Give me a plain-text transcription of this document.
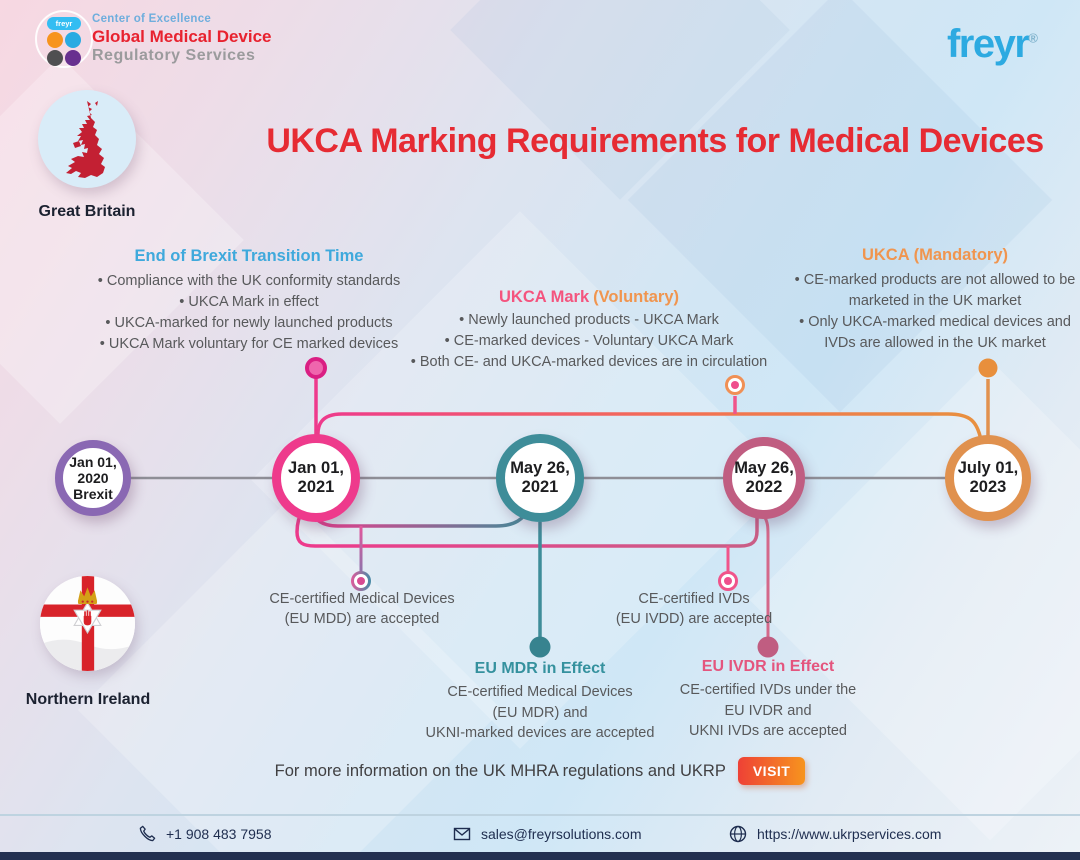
freyr	Center of Excellence
Global Medical Device
Regulatory Services	freyr®
Great Britain
Northern Ireland
UKCA Marking Requirements for Medical Devices
End of Brexit Transition Time
• Compliance with the UK conformity standards
• UKCA Mark in effect
• UKCA-marked for newly launched products
• UKCA Mark voluntary for CE marked devices
UKCA Mark (Voluntary)
• Newly launched products - UKCA Mark
• CE-marked devices - Voluntary UKCA Mark
• Both CE- and UKCA-marked devices are in circulation
UKCA (Mandatory)
• CE-marked products are not allowed to be marketed in the UK market
• Only UKCA-marked medical devices and IVDs are allowed in the UK market
Jan 01,
2020
Brexit
Jan 01,
2021
May 26,
2021
May 26,
2022
July 01,
2023
CE-certified Medical Devices
(EU MDD) are accepted
CE-certified IVDs
(EU IVDD) are accepted
EU MDR in Effect
CE-certified Medical Devices
(EU MDR) and
UKNI-marked devices are accepted
EU IVDR in Effect
CE-certified IVDs under the
EU IVDR and
UKNI IVDs are accepted
For more information on the UK MHRA regulations and UKRP	VISIT
+1 908 483 7958	sales@freyrsolutions.com	https://www.ukrpservices.com
